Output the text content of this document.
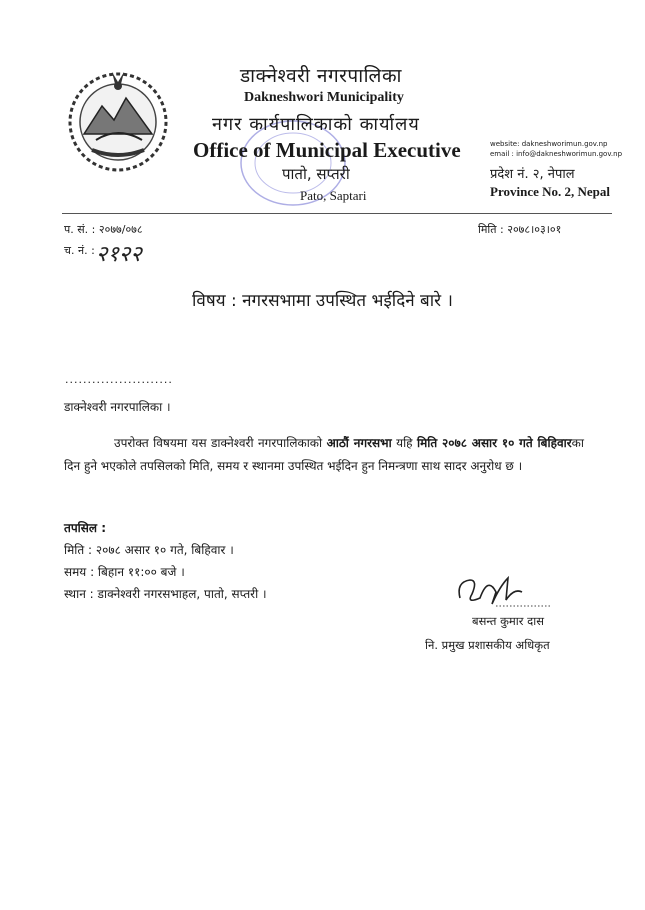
डाक्नेश्वरी नगरपालिका
Dakneshwori Municipality
नगर कार्यपालिकाको कार्यालय
Office of Municipal Executive
पातो, सप्तरी
Pato, Saptari
website: dakneshworimun.gov.np
email : info@dakneshworimun.gov.np
प्रदेश नं. २, नेपाल
Province No. 2, Nepal
प. सं. : २०७७/०७८
च. नं. : २१२२
मिति : २०७८।०३।०१
विषय : नगरसभामा उपस्थित भईदिने बारे ।
........................
डाक्नेश्वरी नगरपालिका ।
उपरोक्त विषयमा यस डाक्नेश्वरी नगरपालिकाको आठौं नगरसभा यहि मिति २०७८ असार १० गते बिहिवारका दिन हुने भएकोले तपसिलको मिति, समय र स्थानमा उपस्थित भईदिन हुन निमन्त्रणा साथ सादर अनुरोध छ ।
तपसिल :
मिति : २०७८ असार १० गते, बिहिवार ।
समय : बिहान ११:०० बजे ।
स्थान : डाक्नेश्वरी नगरसभाहल, पातो, सप्तरी ।
बसन्त कुमार दास
नि. प्रमुख प्रशासकीय अधिकृत
